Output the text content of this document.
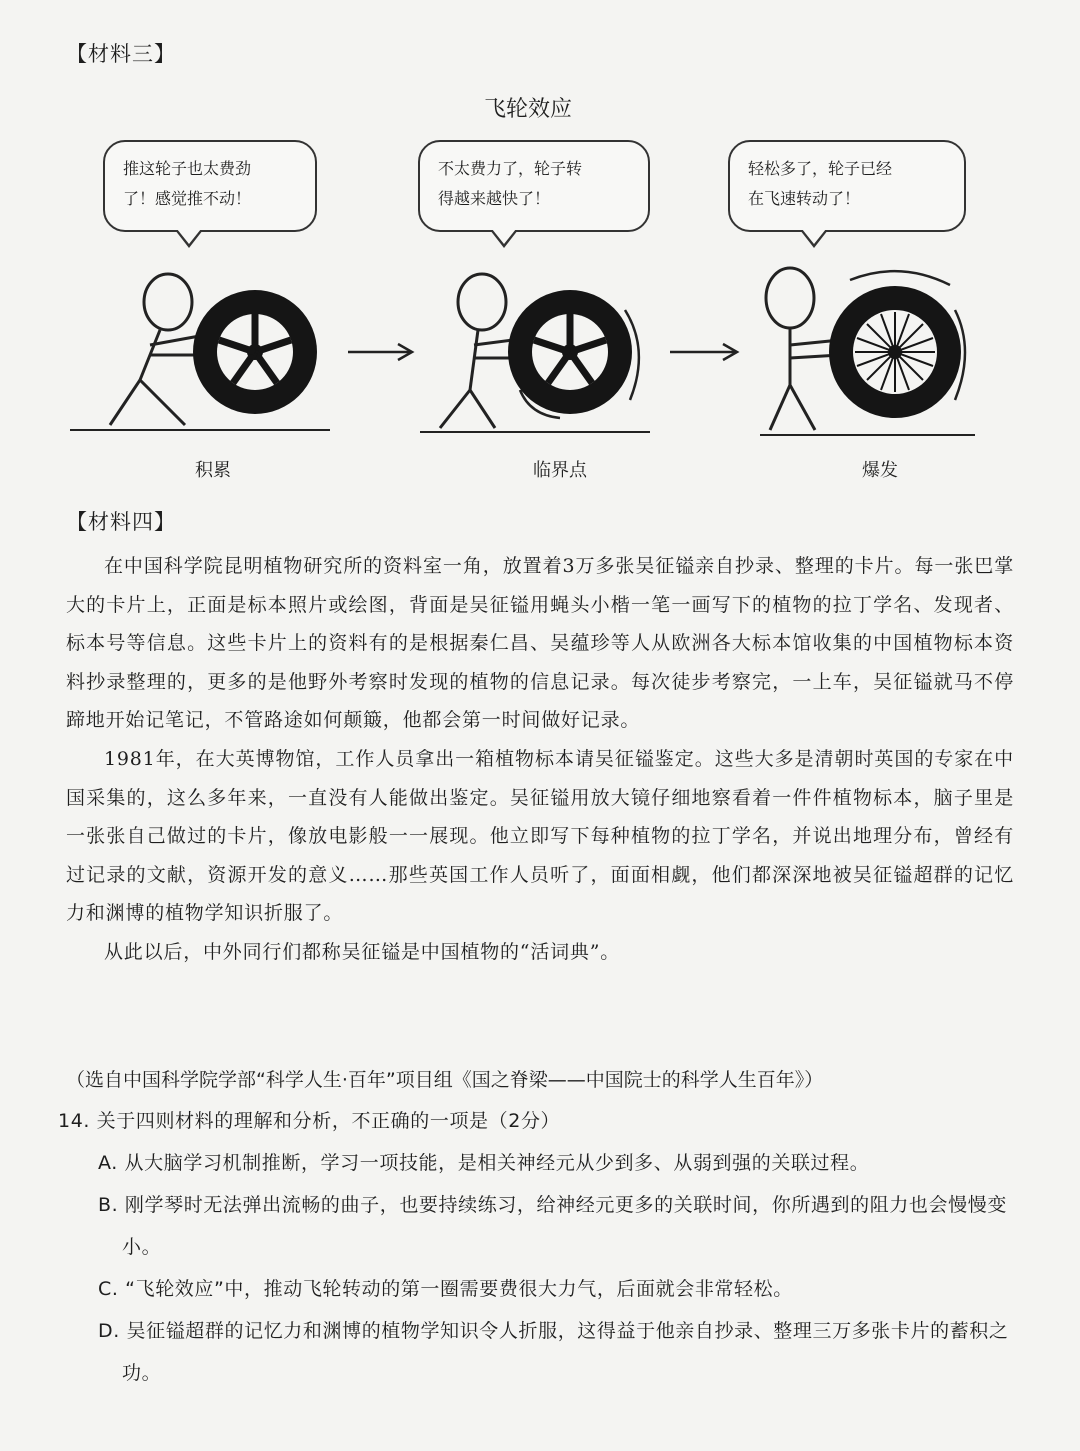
【材料三】
飞轮效应
推这轮子也太费劲
了！感觉推不动！
不太费力了，轮子转
得越来越快了！
轻松多了，轮子已经
在飞速转动了！
积累	临界点	爆发
【材料四】

在中国科学院昆明植物研究所的资料室一角，放置着3万多张吴征镒亲自抄录、整理的卡片。每一张巴掌大的卡片上，正面是标本照片或绘图，背面是吴征镒用蝇头小楷一笔一画写下的植物的拉丁学名、发现者、标本号等信息。这些卡片上的资料有的是根据秦仁昌、吴蕴珍等人从欧洲各大标本馆收集的中国植物标本资料抄录整理的，更多的是他野外考察时发现的植物的信息记录。每次徒步考察完，一上车，吴征镒就马不停蹄地开始记笔记，不管路途如何颠簸，他都会第一时间做好记录。

1981年，在大英博物馆，工作人员拿出一箱植物标本请吴征镒鉴定。这些大多是清朝时英国的专家在中国采集的，这么多年来，一直没有人能做出鉴定。吴征镒用放大镜仔细地察看着一件件植物标本，脑子里是一张张自己做过的卡片，像放电影般一一展现。他立即写下每种植物的拉丁学名，并说出地理分布，曾经有过记录的文献，资源开发的意义……那些英国工作人员听了，面面相觑，他们都深深地被吴征镒超群的记忆力和渊博的植物学知识折服了。

从此以后，中外同行们都称吴征镒是中国植物的“活词典”。

（选自中国科学院学部“科学人生·百年”项目组《国之脊梁——中国院士的科学人生百年》）
14. 关于四则材料的理解和分析，不正确的一项是（2分）
A. 从大脑学习机制推断，学习一项技能，是相关神经元从少到多、从弱到强的关联过程。
B. 刚学琴时无法弹出流畅的曲子，也要持续练习，给神经元更多的关联时间，你所遇到的阻力也会慢慢变小。
C. “飞轮效应”中，推动飞轮转动的第一圈需要费很大力气，后面就会非常轻松。
D. 吴征镒超群的记忆力和渊博的植物学知识令人折服，这得益于他亲自抄录、整理三万多张卡片的蓄积之功。
